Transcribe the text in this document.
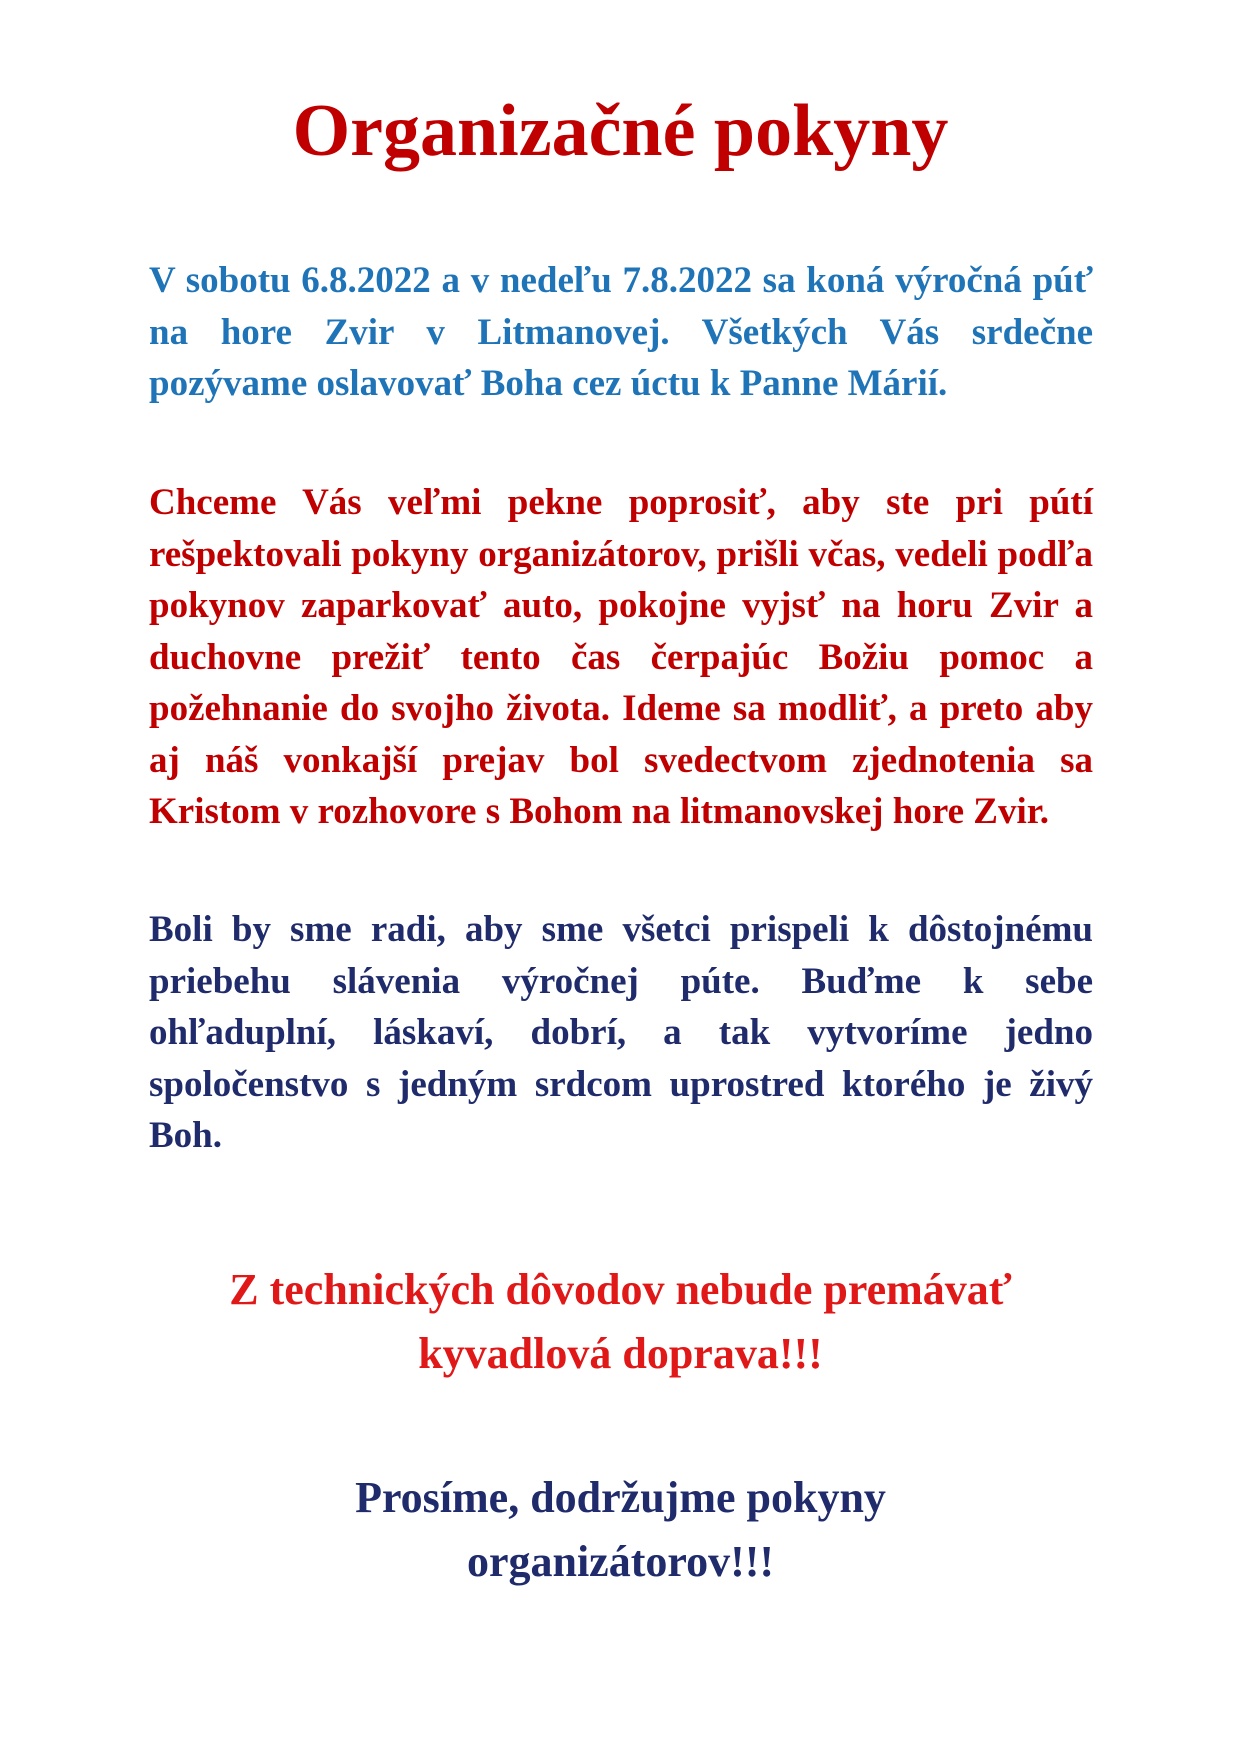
Organizačné pokyny

V sobotu 6.8.2022 a v nedeľu 7.8.2022 sa koná výročná púť na hore Zvir v Litmanovej. Všetkých Vás srdečne pozývame oslavovať Boha cez úctu k Panne Márií.

Chceme Vás veľmi pekne poprosiť, aby ste pri pútí rešpektovali pokyny organizátorov, prišli včas, vedeli podľa pokynov zaparkovať auto, pokojne vyjsť na horu Zvir a duchovne prežiť tento čas čerpajúc Božiu pomoc a požehnanie do svojho života. Ideme sa modliť, a preto aby aj náš vonkajší prejav bol svedectvom zjednotenia sa Kristom v rozhovore s Bohom na litmanovskej hore Zvir.

Boli by sme radi, aby sme všetci prispeli k dôstojnému priebehu slávenia výročnej púte. Buďme k sebe ohľaduplní, láskaví, dobrí, a tak vytvoríme jedno spoločenstvo s jedným srdcom uprostred ktorého je živý Boh.

Z technických dôvodov nebude premávať
kyvadlová doprava!!!

Prosíme, dodržujme pokyny
organizátorov!!!
